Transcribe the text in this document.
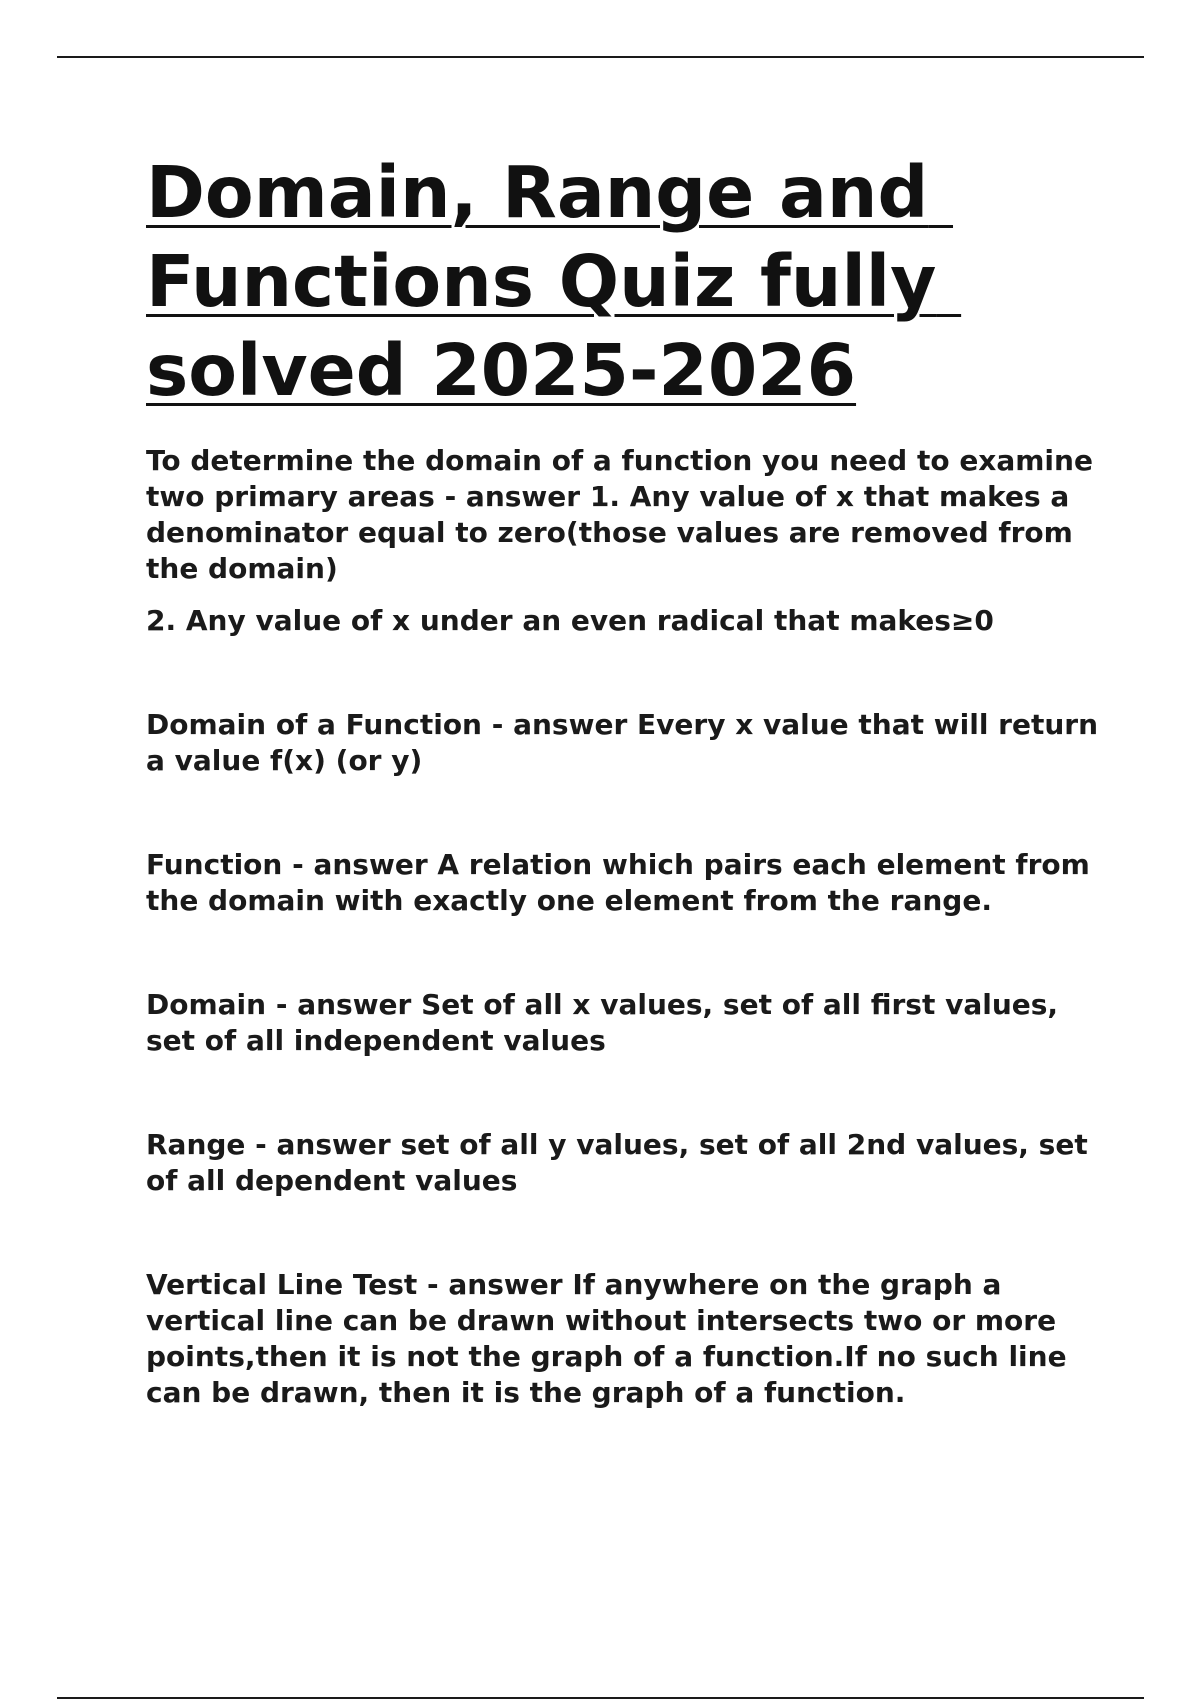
Domain, Range and Functions Quiz fully solved 2025-2026

To determine the domain of a function you need to examine two primary areas - answer 1. Any value of x that makes a denominator equal to zero(those values are removed from the domain)

2. Any value of x under an even radical that makes≥0

Domain of a Function - answer Every x value that will return a value f(x) (or y)

Function - answer A relation which pairs each element from the domain with exactly one element from the range.

Domain - answer Set of all x values, set of all first values, set of all independent values

Range - answer set of all y values, set of all 2nd values, set of all dependent values

Vertical Line Test - answer If anywhere on the graph a vertical line can be drawn without intersects two or more points,then it is not the graph of a function.If no such line can be drawn, then it is the graph of a function.
